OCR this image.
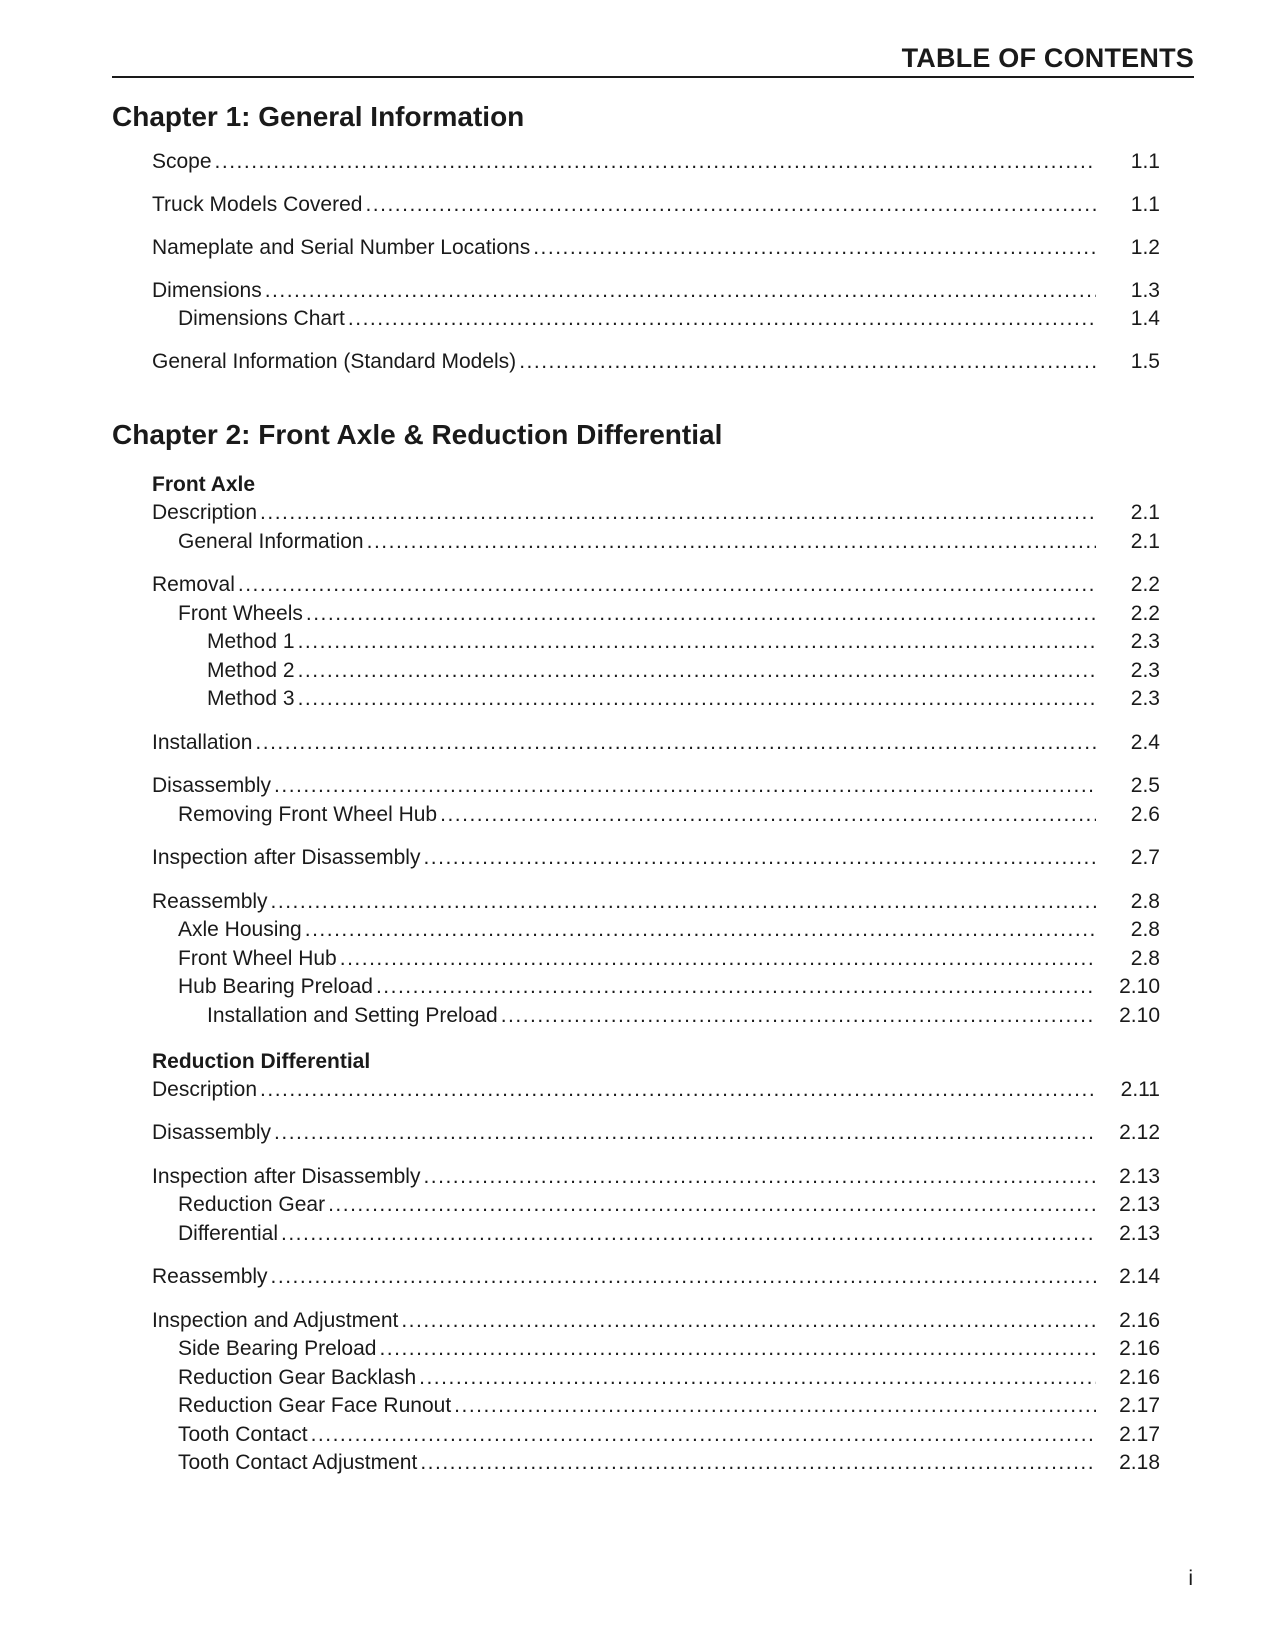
TABLE OF CONTENTS
Chapter 1: General Information
Scope .....	1.1
Truck Models Covered .....	1.1
Nameplate and Serial Number Locations .....	1.2
Dimensions .....	1.3
Dimensions Chart .....	1.4
General Information (Standard Models) .....	1.5
Chapter 2: Front Axle & Reduction Differential
Front Axle
Description .....	2.1
General Information .....	2.1
Removal .....	2.2
Front Wheels .....	2.2
Method 1 .....	2.3
Method 2 .....	2.3
Method 3 .....	2.3
Installation .....	2.4
Disassembly .....	2.5
Removing Front Wheel Hub .....	2.6
Inspection after Disassembly .....	2.7
Reassembly .....	2.8
Axle Housing .....	2.8
Front Wheel Hub .....	2.8
Hub Bearing Preload .....	2.10
Installation and Setting Preload .....	2.10
Reduction Differential
Description .....	2.11
Disassembly .....	2.12
Inspection after Disassembly .....	2.13
Reduction Gear .....	2.13
Differential .....	2.13
Reassembly .....	2.14
Inspection and Adjustment .....	2.16
Side Bearing Preload .....	2.16
Reduction Gear Backlash .....	2.16
Reduction Gear Face Runout .....	2.17
Tooth Contact .....	2.17
Tooth Contact Adjustment .....	2.18
i
